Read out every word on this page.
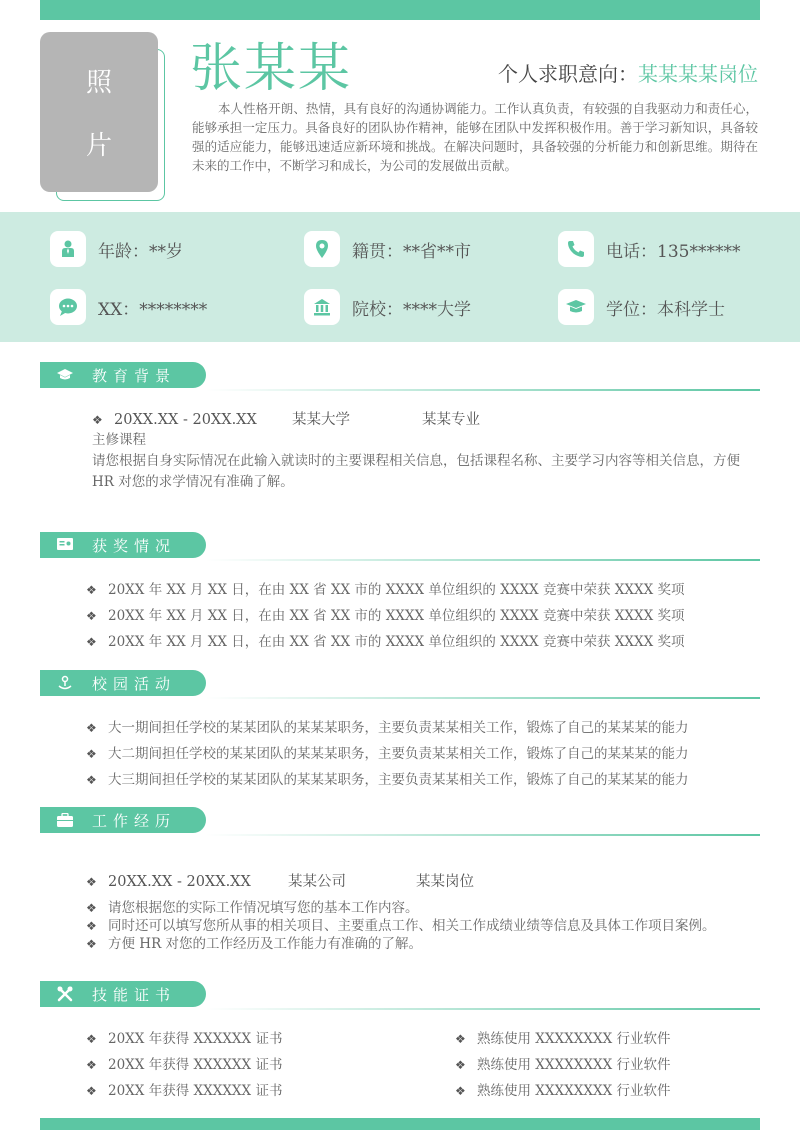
照
片
张某某	个人求职意向：某某某某岗位
本人性格开朗、热情，具有良好的沟通协调能力。工作认真负责，有较强的自我驱动力和责任心，能够承担一定压力。具备良好的团队协作精神，能够在团队中发挥积极作用。善于学习新知识，具备较强的适应能力，能够迅速适应新环境和挑战。在解决问题时，具备较强的分析能力和创新思维。期待在未来的工作中，不断学习和成长，为公司的发展做出贡献。
年龄：**岁	籍贯：**省**市	电话：135******
XX：********	院校：****大学	学位：本科学士
教育背景
❖ 20XX.XX - 20XX.XX 某某大学	某某专业
主修课程
请您根据自身实际情况在此输入就读时的主要课程相关信息，包括课程名称、主要学习内容等相关信息，方便 HR 对您的求学情况有准确了解。
获奖情况
❖ 20XX 年 XX 月 XX 日，在由 XX 省 XX 市的 XXXX 单位组织的 XXXX 竞赛中荣获 XXXX 奖项
❖ 20XX 年 XX 月 XX 日，在由 XX 省 XX 市的 XXXX 单位组织的 XXXX 竞赛中荣获 XXXX 奖项
❖ 20XX 年 XX 月 XX 日，在由 XX 省 XX 市的 XXXX 单位组织的 XXXX 竞赛中荣获 XXXX 奖项
校园活动
❖ 大一期间担任学校的某某团队的某某某职务，主要负责某某相关工作，锻炼了自己的某某某的能力
❖ 大二期间担任学校的某某团队的某某某职务，主要负责某某相关工作，锻炼了自己的某某某的能力
❖ 大三期间担任学校的某某团队的某某某职务，主要负责某某相关工作，锻炼了自己的某某某的能力
工作经历
❖ 20XX.XX - 20XX.XX	某某公司	某某岗位
❖ 请您根据您的实际工作情况填写您的基本工作内容。
❖ 同时还可以填写您所从事的相关项目、主要重点工作、相关工作成绩业绩等信息及具体工作项目案例。
❖ 方便 HR 对您的工作经历及工作能力有准确的了解。
技能证书
❖ 20XX 年获得 XXXXXX 证书
❖ 20XX 年获得 XXXXXX 证书
❖ 20XX 年获得 XXXXXX 证书
❖ 熟练使用 XXXXXXXX 行业软件
❖ 熟练使用 XXXXXXXX 行业软件
❖ 熟练使用 XXXXXXXX 行业软件
